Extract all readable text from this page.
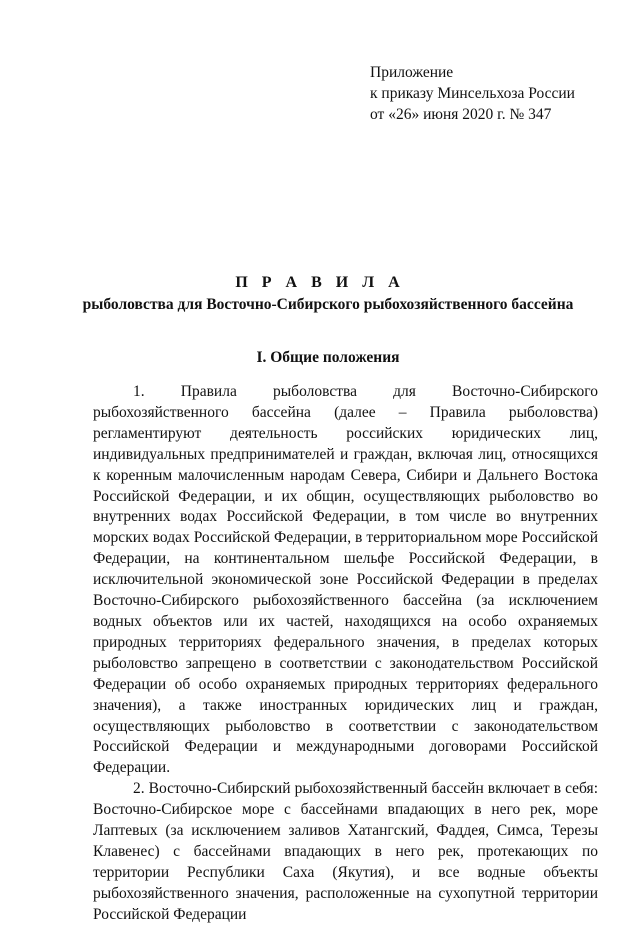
Приложение
к приказу Минсельхоза России
от «26» июня 2020 г. № 347
П Р А В И Л А
рыболовства для Восточно-Сибирского рыбохозяйственного бассейна
I. Общие положения

1. Правила рыболовства для Восточно-Сибирского рыбохозяйственного бассейна (далее – Правила рыболовства) регламентируют деятельность российских юридических лиц, индивидуальных предпринимателей и граждан, включая лиц, относящихся к коренным малочисленным народам Севера, Сибири и Дальнего Востока Российской Федерации, и их общин, осуществляющих рыболовство во внутренних водах Российской Федерации, в том числе во внутренних морских водах Российской Федерации, в территориальном море Российской Федерации, на континентальном шельфе Российской Федерации, в исключительной экономической зоне Российской Федерации в пределах Восточно-Сибирского рыбохозяйственного бассейна (за исключением водных объектов или их частей, находящихся на особо охраняемых природных территориях федерального значения, в пределах которых рыболовство запрещено в соответствии с законодательством Российской Федерации об особо охраняемых природных территориях федерального значения), а также иностранных юридических лиц и граждан, осуществляющих рыболовство в соответствии с законодательством Российской Федерации и международными договорами Российской Федерации.

2. Восточно-Сибирский рыбохозяйственный бассейн включает в себя: Восточно-Сибирское море с бассейнами впадающих в него рек, море Лаптевых (за исключением заливов Хатангский, Фаддея, Симса, Терезы Клавенес) с бассейнами впадающих в него рек, протекающих по территории Республики Саха (Якутия), и все водные объекты рыбохозяйственного значения, расположенные на сухопутной территории Российской Федерации
